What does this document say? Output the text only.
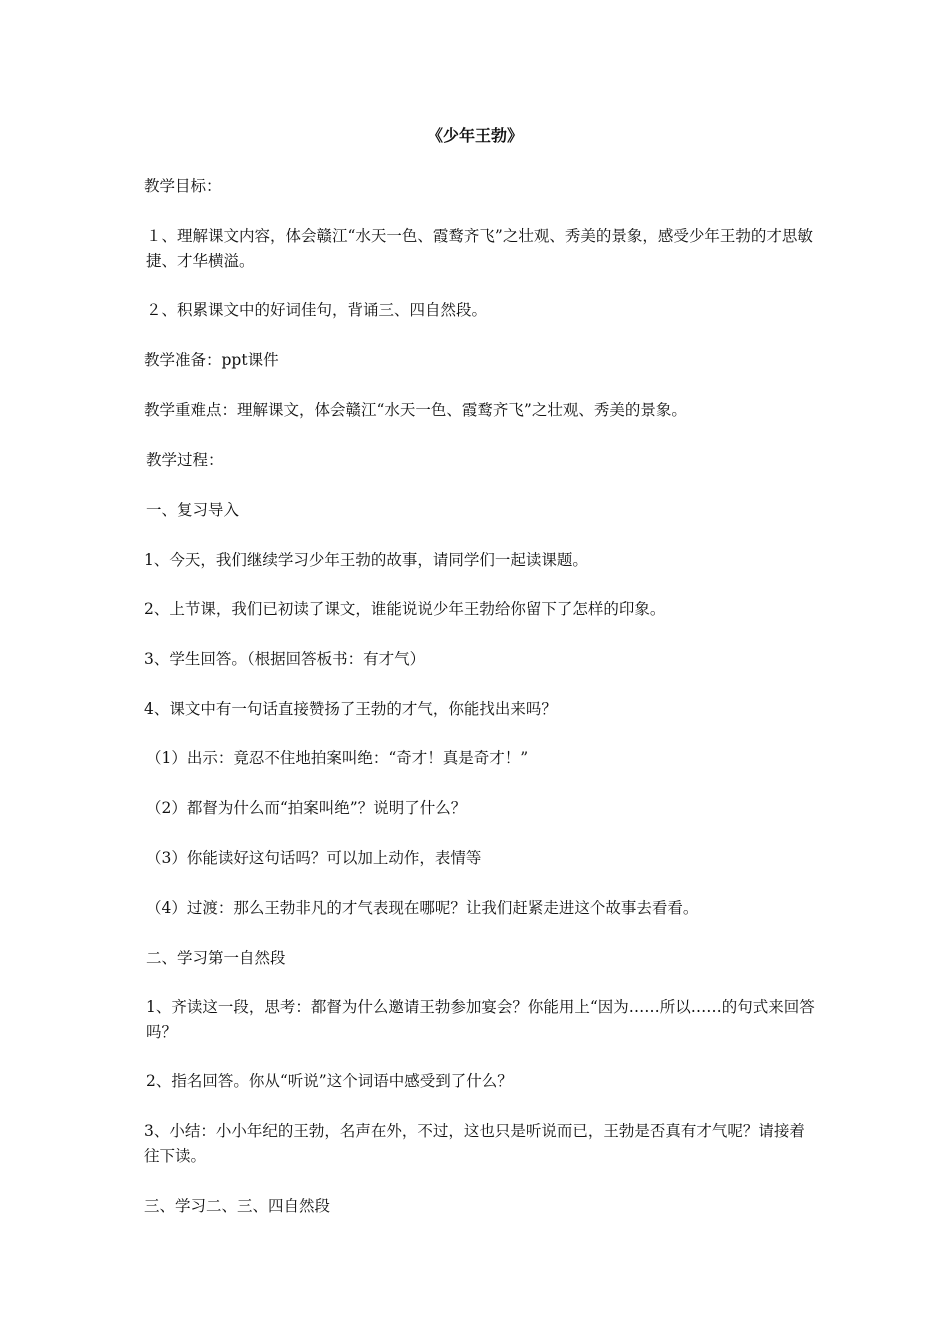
《少年王勃》
教学目标：
１、理解课文内容，体会赣江“水天一色、霞鹜齐飞”之壮观、秀美的景象，感受少年王勃的才思敏捷、才华横溢。
２、积累课文中的好词佳句，背诵三、四自然段。
教学准备：ppt课件
教学重难点：理解课文，体会赣江“水天一色、霞鹜齐飞”之壮观、秀美的景象。
教学过程：
一、复习导入
1、今天，我们继续学习少年王勃的故事，请同学们一起读课题。
2、上节课，我们已初读了课文，谁能说说少年王勃给你留下了怎样的印象。
3、学生回答。（根据回答板书：有才气）
4、课文中有一句话直接赞扬了王勃的才气，你能找出来吗？
（1）出示：竟忍不住地拍案叫绝：“奇才！真是奇才！”
（2）都督为什么而“拍案叫绝”？说明了什么？
（3）你能读好这句话吗？可以加上动作，表情等
（4）过渡：那么王勃非凡的才气表现在哪呢？让我们赶紧走进这个故事去看看。
二、学习第一自然段
1、齐读这一段，思考：都督为什么邀请王勃参加宴会？你能用上“因为……所以……的句式来回答吗？
2、指名回答。你从“听说”这个词语中感受到了什么？
3、小结：小小年纪的王勃，名声在外，不过，这也只是听说而已，王勃是否真有才气呢？请接着往下读。
三、学习二、三、四自然段
